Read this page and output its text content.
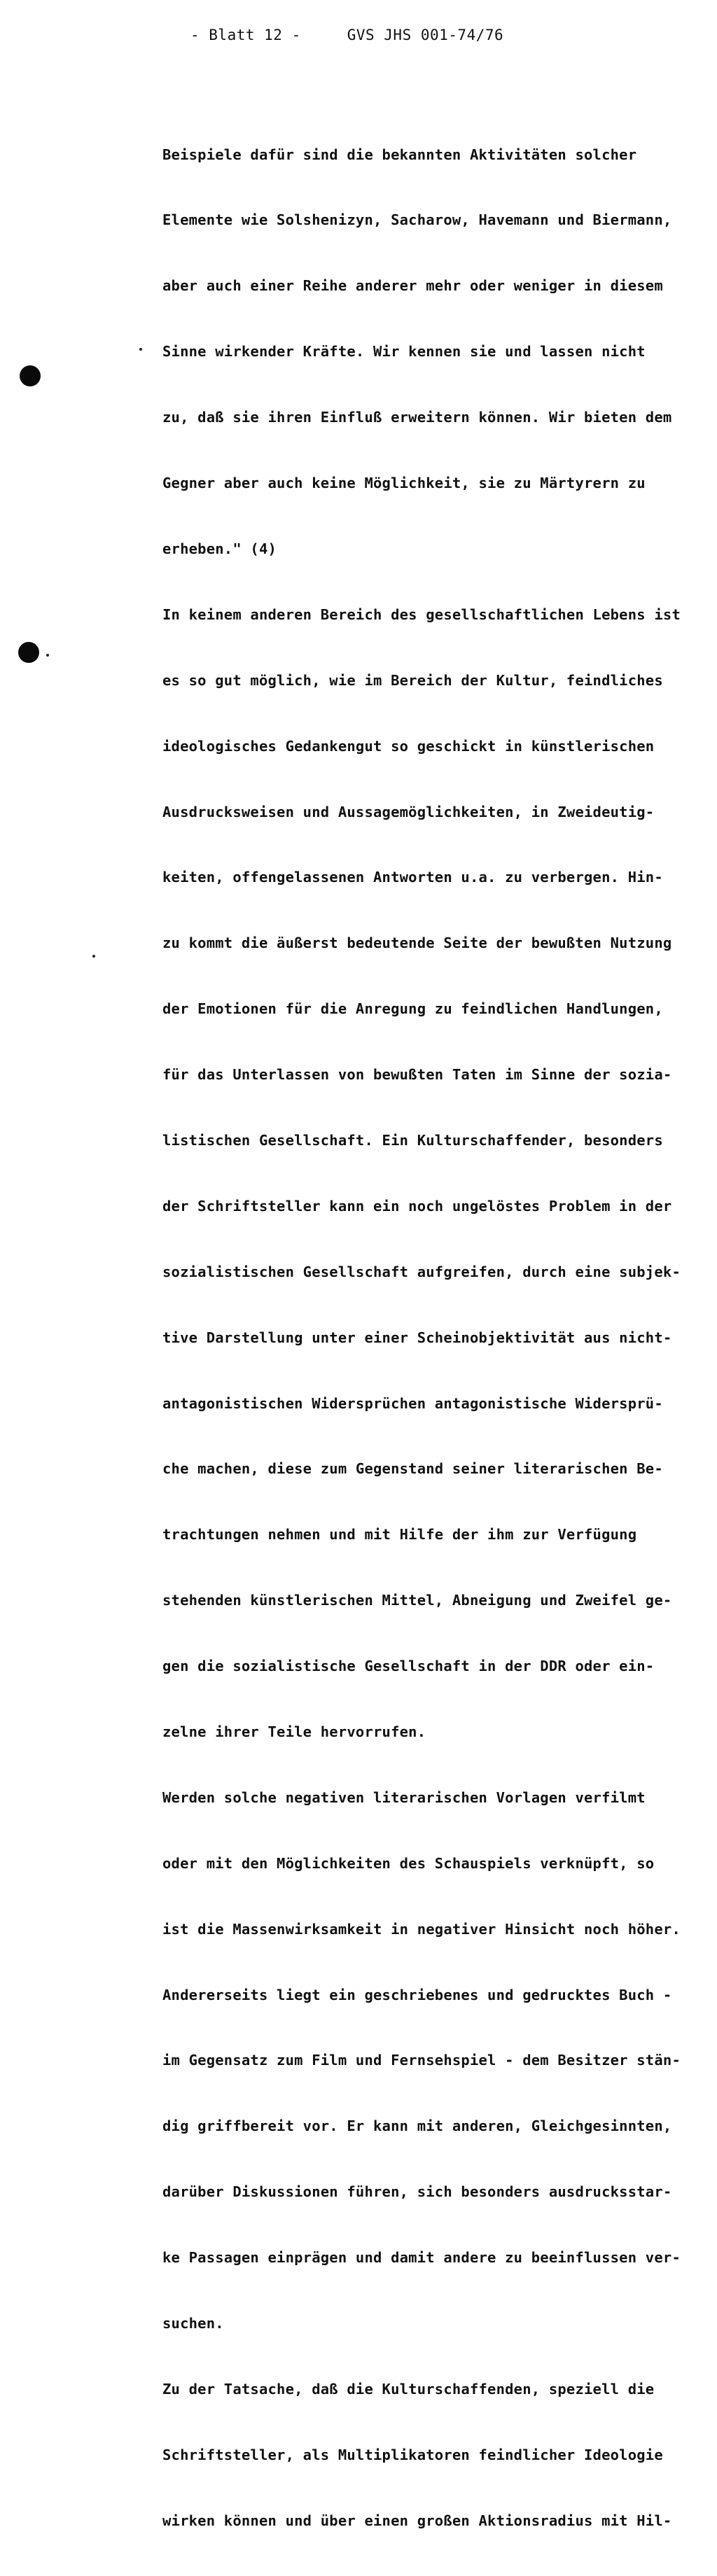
- Blatt 12 -	GVS JHS 001-74/76

Beispiele dafür sind die bekannten Aktivitäten solcher

Elemente wie Solshenizyn, Sacharow, Havemann und Biermann,

aber auch einer Reihe anderer mehr oder weniger in diesem

Sinne wirkender Kräfte. Wir kennen sie und lassen nicht

zu, daß sie ihren Einfluß erweitern können. Wir bieten dem

Gegner aber auch keine Möglichkeit, sie zu Märtyrern zu

erheben." (4)

In keinem anderen Bereich des gesellschaftlichen Lebens ist

es so gut möglich, wie im Bereich der Kultur, feindliches

ideologisches Gedankengut so geschickt in künstlerischen

Ausdrucksweisen und Aussagemöglichkeiten, in Zweideutig-

keiten, offengelassenen Antworten u.a. zu verbergen. Hin-

zu kommt die äußerst bedeutende Seite der bewußten Nutzung

der Emotionen für die Anregung zu feindlichen Handlungen,

für das Unterlassen von bewußten Taten im Sinne der sozia-

listischen Gesellschaft. Ein Kulturschaffender, besonders

der Schriftsteller kann ein noch ungelöstes Problem in der

sozialistischen Gesellschaft aufgreifen, durch eine subjek-

tive Darstellung unter einer Scheinobjektivität aus nicht-

antagonistischen Widersprüchen antagonistische Widersprü-

che machen, diese zum Gegenstand seiner literarischen Be-

trachtungen nehmen und mit Hilfe der ihm zur Verfügung

stehenden künstlerischen Mittel, Abneigung und Zweifel ge-

gen die sozialistische Gesellschaft in der DDR oder ein-

zelne ihrer Teile hervorrufen.

Werden solche negativen literarischen Vorlagen verfilmt

oder mit den Möglichkeiten des Schauspiels verknüpft, so

ist die Massenwirksamkeit in negativer Hinsicht noch höher.

Andererseits liegt ein geschriebenes und gedrucktes Buch -

im Gegensatz zum Film und Fernsehspiel - dem Besitzer stän-

dig griffbereit vor. Er kann mit anderen, Gleichgesinnten,

darüber Diskussionen führen, sich besonders ausdrucksstar-

ke Passagen einprägen und damit andere zu beeinflussen ver-

suchen.

Zu der Tatsache, daß die Kulturschaffenden, speziell die

Schriftsteller, als Multiplikatoren feindlicher Ideologie

wirken können und über einen großen Aktionsradius mit Hil-
